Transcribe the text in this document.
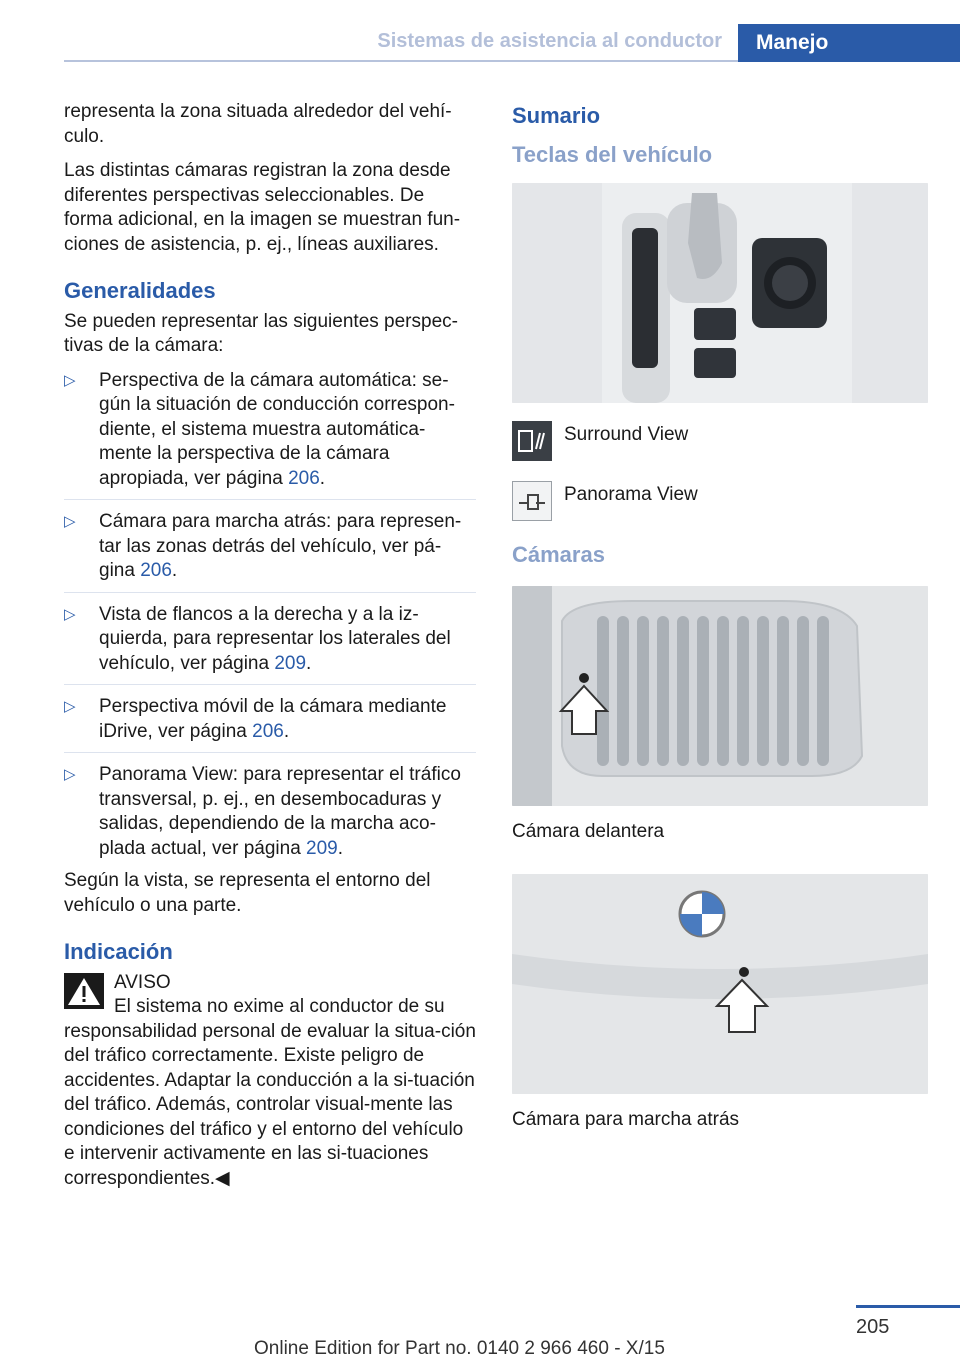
Sistemas de asistencia al conductor	Manejo

representa la zona situada alrededor del vehí-culo.

Las distintas cámaras registran la zona desde diferentes perspectivas seleccionables. De forma adicional, en la imagen se muestran fun-ciones de asistencia, p. ej., líneas auxiliares.

Generalidades

Se pueden representar las siguientes perspec-tivas de la cámara:

▷ Perspectiva de la cámara automática: se-gún la situación de conducción correspon-diente, el sistema muestra automática-mente la perspectiva de la cámara apropiada, ver página 206.
▷ Cámara para marcha atrás: para represen-tar las zonas detrás del vehículo, ver pá-gina 206.
▷ Vista de flancos a la derecha y a la iz-quierda, para representar los laterales del vehículo, ver página 209.
▷ Perspectiva móvil de la cámara mediante iDrive, ver página 206.
▷ Panorama View: para representar el tráfico transversal, p. ej., en desembocaduras y salidas, dependiendo de la marcha aco-plada actual, ver página 209.

Según la vista, se representa el entorno del vehículo o una parte.

Indicación
AVISO
El sistema no exime al conductor de su responsabilidad personal de evaluar la situa-ción del tráfico correctamente. Existe peligro de accidentes. Adaptar la conducción a la si-tuación del tráfico. Además, controlar visual-mente las condiciones del tráfico y el entorno del vehículo e intervenir activamente en las si-tuaciones correspondientes.◀
Sumario
Teclas del vehículo
Surround View
Panorama View
Cámaras
Cámara delantera
Cámara para marcha atrás
205
Online Edition for Part no. 0140 2 966 460 - X/15
